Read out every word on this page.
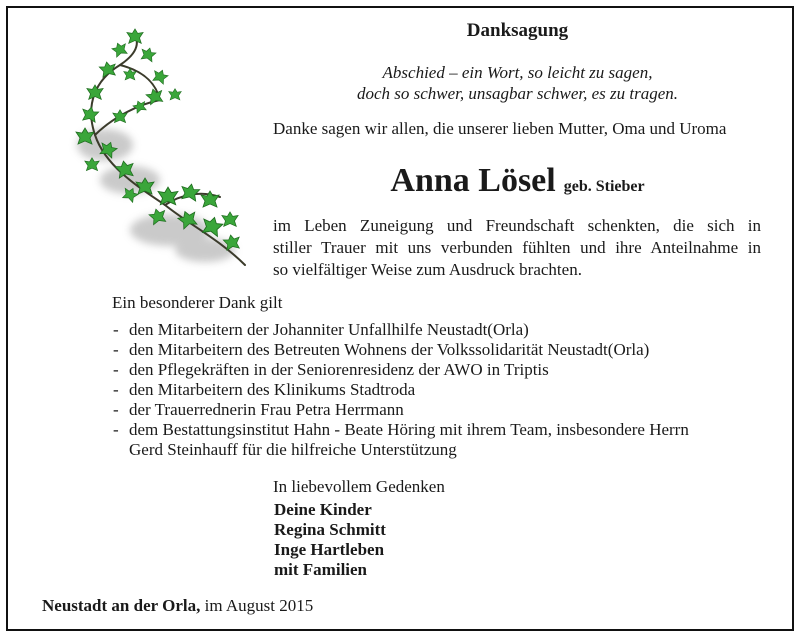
Danksagung
Abschied – ein Wort, so leicht zu sagen,
doch so schwer, unsagbar schwer, es zu tragen.
Danke sagen wir allen, die unserer lieben Mutter, Oma und Uroma
Anna Lösel geb. Stieber
im Leben Zuneigung und Freundschaft schenkten, die sich in
stiller Trauer mit uns verbunden fühlten und ihre Anteilnahme in
so vielfältiger Weise zum Ausdruck brachten.
Ein besonderer Dank gilt
- den Mitarbeitern der Johanniter Unfallhilfe Neustadt(Orla)
- den Mitarbeitern des Betreuten Wohnens der Volkssolidarität Neustadt(Orla)
- den Pflegekräften in der Seniorenresidenz der AWO in Triptis
- den Mitarbeitern des Klinikums Stadtroda
- der Trauerrednerin Frau Petra Herrmann
- dem Bestattungsinstitut Hahn - Beate Höring mit ihrem Team, insbesondere Herrn
Gerd Steinhauff für die hilfreiche Unterstützung
In liebevollem Gedenken
Deine Kinder
Regina Schmitt
Inge Hartleben
mit Familien
Neustadt an der Orla, im August 2015
